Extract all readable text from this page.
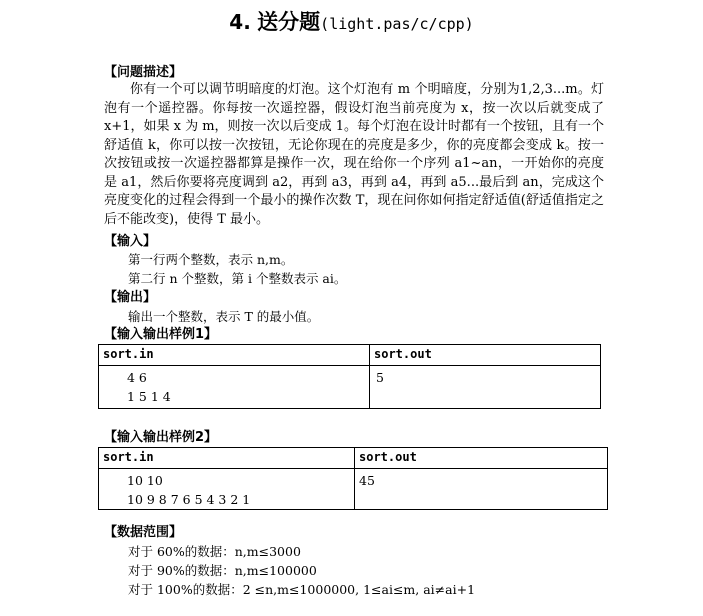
4. 送分题(light.pas/c/cpp)
【问题描述】
你有一个可以调节明暗度的灯泡。这个灯泡有 m 个明暗度，分别为1,2,3...m。灯泡有一个遥控器。你每按一次遥控器，假设灯泡当前亮度为 x，按一次以后就变成了 x+1，如果 x 为 m，则按一次以后变成 1。每个灯泡在设计时都有一个按钮，且有一个舒适值 k，你可以按一次按钮，无论你现在的亮度是多少，你的亮度都会变成 k。按一次按钮或按一次遥控器都算是操作一次，现在给你一个序列 a1~an，一开始你的亮度是 a1，然后你要将亮度调到 a2，再到 a3，再到 a4，再到 a5...最后到 an，完成这个亮度变化的过程会得到一个最小的操作次数 T，现在问你如何指定舒适值(舒适值指定之后不能改变)，使得 T 最小。
【输入】
第一行两个整数，表示 n,m。
第二行 n 个整数，第 i 个整数表示 ai。
【输出】
输出一个整数，表示 T 的最小值。
【输入输出样例1】
sort.in	sort.out

4 6
1 5 1 4	5
【输入输出样例2】
sort.in	sort.out

10 10
10 9 8 7 6 5 4 3 2 1	45
【数据范围】
对于 60%的数据：n,m≤3000
对于 90%的数据：n,m≤100000
对于 100%的数据：2 ≤n,m≤1000000, 1≤ai≤m, ai≠ai+1
